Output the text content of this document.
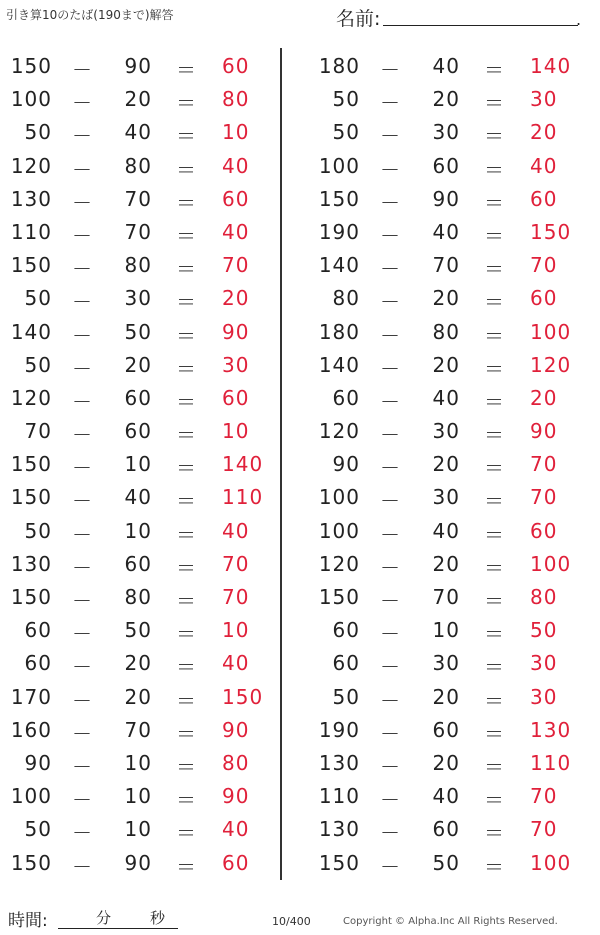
引き算10のたば(190まで)解答	名前:	.
150 －	90 ＝ 60
100 －	20 ＝ 80
50 －	40 ＝ 10
120 －	80 ＝ 40
130 －	70 ＝ 60
110 －	70 ＝ 40
150 －	80 ＝ 70
50 －	30 ＝ 20
140 －	50 ＝ 90
50 －	20 ＝ 30
120 －	60 ＝ 60
70 －	60 ＝ 10
150 －	10 ＝ 140
150 －	40 ＝ 110
50 －	10 ＝ 40
130 －	60 ＝ 70
150 －	80 ＝ 70
60 －	50 ＝ 10
60 －	20 ＝ 40
170 －	20 ＝ 150
160 －	70 ＝ 90
90 －	10 ＝ 80
100 －	10 ＝ 90
50 －	10 ＝ 40
150 －	90 ＝ 60
180 －	40 ＝ 140
50 －	20 ＝ 30
50 －	30 ＝ 20
100 －	60 ＝ 40
150 －	90 ＝ 60
190 －	40 ＝ 150
140 －	70 ＝ 70
80 －	20 ＝ 60
180 －	80 ＝ 100
140 －	20 ＝ 120
60 －	40 ＝ 20
120 －	30 ＝ 90
90 －	20 ＝ 70
100 －	30 ＝ 70
100 －	40 ＝ 60
120 －	20 ＝ 100
150 －	70 ＝ 80
60 －	10 ＝ 50
60 －	30 ＝ 30
50 －	20 ＝ 30
190 －	60 ＝ 130
130 －	20 ＝ 110
110 －	40 ＝ 70
130 －	60 ＝ 70
150 －	50 ＝ 100
時間:	分	秒	10/400	Copyright © Alpha.Inc All Rights Reserved.
